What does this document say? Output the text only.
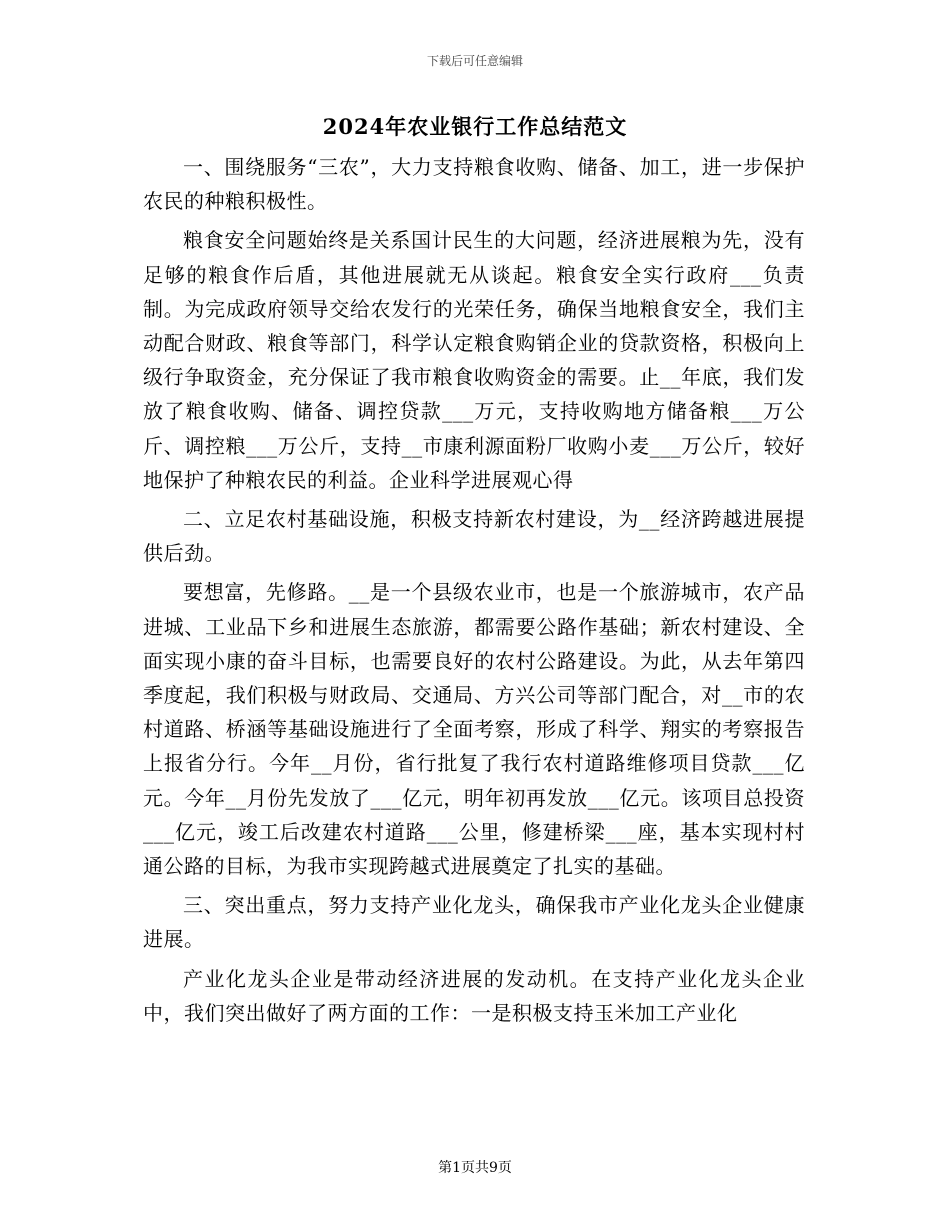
下载后可任意编辑
2024年农业银行工作总结范文

一、围绕服务“三农”，大力支持粮食收购、储备、加工，进一步保护农民的种粮积极性。

粮食安全问题始终是关系国计民生的大问题，经济进展粮为先，没有足够的粮食作后盾，其他进展就无从谈起。粮食安全实行政府___负责制。为完成政府领导交给农发行的光荣任务，确保当地粮食安全，我们主动配合财政、粮食等部门，科学认定粮食购销企业的贷款资格，积极向上级行争取资金，充分保证了我市粮食收购资金的需要。止__年底，我们发放了粮食收购、储备、调控贷款___万元，支持收购地方储备粮___万公斤、调控粮___万公斤，支持__市康利源面粉厂收购小麦___万公斤，较好地保护了种粮农民的利益。企业科学进展观心得

二、立足农村基础设施，积极支持新农村建设，为__经济跨越进展提供后劲。

要想富，先修路。__是一个县级农业市，也是一个旅游城市，农产品进城、工业品下乡和进展生态旅游，都需要公路作基础；新农村建设、全面实现小康的奋斗目标，也需要良好的农村公路建设。为此，从去年第四季度起，我们积极与财政局、交通局、方兴公司等部门配合，对__市的农村道路、桥涵等基础设施进行了全面考察，形成了科学、翔实的考察报告上报省分行。今年__月份，省行批复了我行农村道路维修项目贷款___亿元。今年__月份先发放了___亿元，明年初再发放___亿元。该项目总投资___亿元，竣工后改建农村道路___公里，修建桥梁___座，基本实现村村通公路的目标，为我市实现跨越式进展奠定了扎实的基础。

三、突出重点，努力支持产业化龙头，确保我市产业化龙头企业健康进展。

产业化龙头企业是带动经济进展的发动机。在支持产业化龙头企业中，我们突出做好了两方面的工作：一是积极支持玉米加工产业化

第1页共9页
